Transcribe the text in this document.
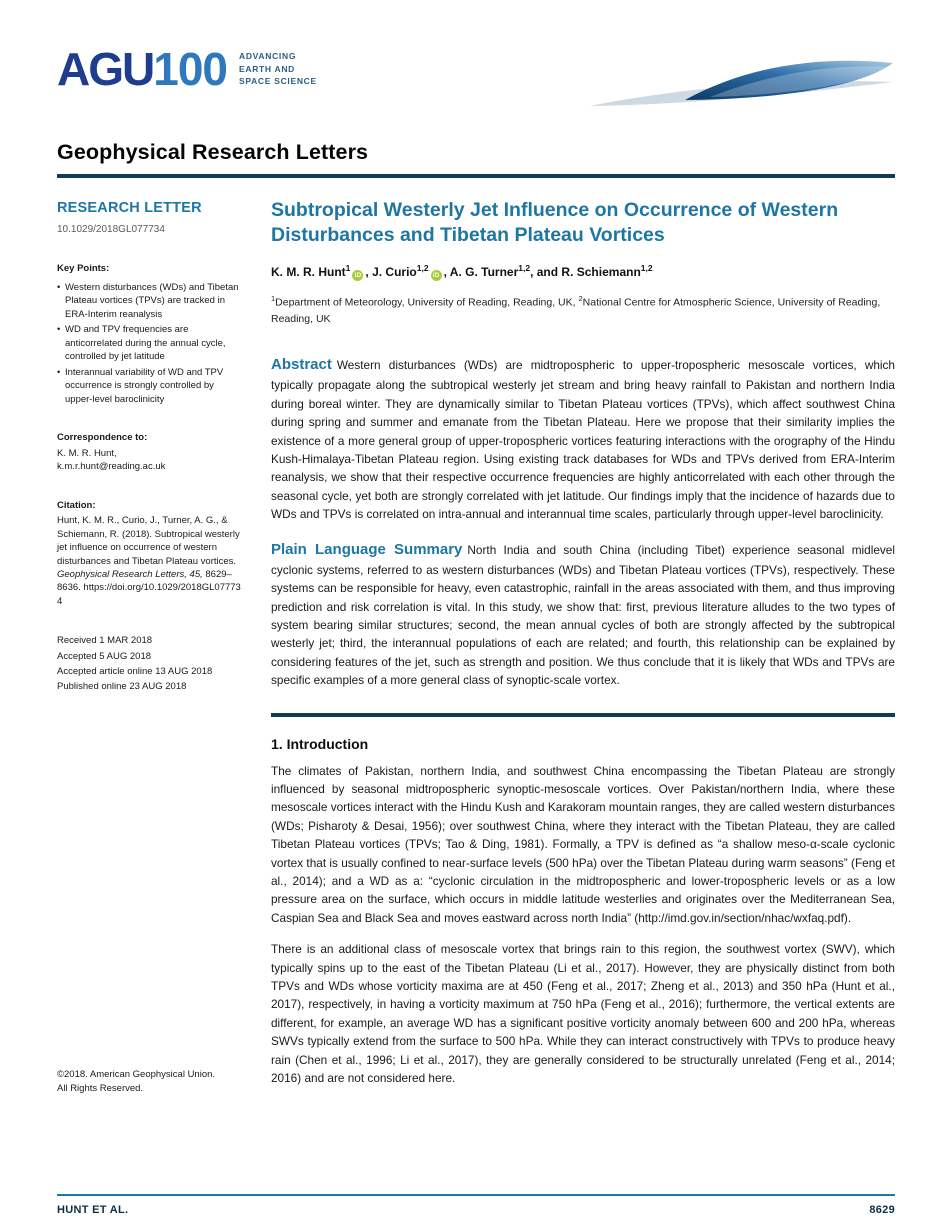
AGU100 ADVANCING
EARTH AND
SPACE SCIENCE
Geophysical Research Letters
RESEARCH LETTER
10.1029/2018GL077734
Key Points:
• Western disturbances (WDs) and Tibetan Plateau vortices (TPVs) are tracked in ERA-Interim reanalysis
• WD and TPV frequencies are anticorrelated during the annual cycle, controlled by jet latitude
• Interannual variability of WD and TPV occurrence is strongly controlled by upper-level baroclinicity
Correspondence to:
K. M. R. Hunt,
k.m.r.hunt@reading.ac.uk
Citation:
Hunt, K. M. R., Curio, J., Turner, A. G., & Schiemann, R. (2018). Subtropical westerly jet influence on occurrence of western disturbances and Tibetan Plateau vortices. Geophysical Research Letters, 45, 8629–8636. https://doi.org/10.1029/2018GL077734
Received 1 MAR 2018
Accepted 5 AUG 2018
Accepted article online 13 AUG 2018
Published online 23 AUG 2018
©2018. American Geophysical Union.
All Rights Reserved.
Subtropical Westerly Jet Influence on Occurrence of Western Disturbances and Tibetan Plateau Vortices
K. M. R. Hunt$^1$iD , J. Curio$^{1,2}$iD , A. G. Turner$^{1,2}$, and R. Schiemann$^{1,2}$
$^1$Department of Meteorology, University of Reading, Reading, UK, $^2$National Centre for Atmospheric Science, University of Reading, Reading, UK

Abstract Western disturbances (WDs) are midtropospheric to upper-tropospheric mesoscale vortices, which typically propagate along the subtropical westerly jet stream and bring heavy rainfall to Pakistan and northern India during boreal winter. They are dynamically similar to Tibetan Plateau vortices (TPVs), which affect southwest China during spring and summer and emanate from the Tibetan Plateau. Here we propose that their similarity implies the existence of a more general group of upper-tropospheric vortices featuring interactions with the orography of the Hindu Kush-Himalaya-Tibetan Plateau region. Using existing track databases for WDs and TPVs derived from ERA-Interim reanalysis, we show that their respective occurrence frequencies are highly anticorrelated with each other through the seasonal cycle, yet both are strongly correlated with jet latitude. Our findings imply that the incidence of hazards due to WDs and TPVs is correlated on intra-annual and interannual time scales, particularly through upper-level baroclinicity.

Plain Language Summary North India and south China (including Tibet) experience seasonal midlevel cyclonic systems, referred to as western disturbances (WDs) and Tibetan Plateau vortices (TPVs), respectively. These systems can be responsible for heavy, even catastrophic, rainfall in the areas associated with them, and thus improving prediction and risk correlation is vital. In this study, we show that: first, previous literature alludes to the two types of system bearing similar structures; second, the mean annual cycles of both are strongly affected by the subtropical westerly jet; third, the interannual populations of each are related; and fourth, this relationship can be explained by considering features of the jet, such as strength and position. We thus conclude that it is likely that WDs and TPVs are specific examples of a more general class of synoptic-scale vortex.

1. Introduction

The climates of Pakistan, northern India, and southwest China encompassing the Tibetan Plateau are strongly influenced by seasonal midtropospheric synoptic-mesoscale vortices. Over Pakistan/northern India, where these mesoscale vortices interact with the Hindu Kush and Karakoram mountain ranges, they are called western disturbances (WDs; Pisharoty & Desai, 1956); over southwest China, where they interact with the Tibetan Plateau, they are called Tibetan Plateau vortices (TPVs; Tao & Ding, 1981). Formally, a TPV is defined as “a shallow meso-α-scale cyclonic vortex that is usually confined to near-surface levels (500 hPa) over the Tibetan Plateau during warm seasons” (Feng et al., 2014); and a WD as a: “cyclonic circulation in the midtropospheric and lower-tropospheric levels or as a low pressure area on the surface, which occurs in middle latitude westerlies and originates over the Mediterranean Sea, Caspian Sea and Black Sea and moves eastward across north India” (http://imd.gov.in/section/nhac/wxfaq.pdf).

There is an additional class of mesoscale vortex that brings rain to this region, the southwest vortex (SWV), which typically spins up to the east of the Tibetan Plateau (Li et al., 2017). However, they are physically distinct from both TPVs and WDs whose vorticity maxima are at 450 (Feng et al., 2017; Zheng et al., 2013) and 350 hPa (Hunt et al., 2017), respectively, in having a vorticity maximum at 750 hPa (Feng et al., 2016); furthermore, the vertical extents are different, for example, an average WD has a significant positive vorticity anomaly between 600 and 200 hPa, whereas SWVs typically extend from the surface to 500 hPa. While they can interact constructively with TPVs to produce heavy rain (Chen et al., 1996; Li et al., 2017), they are generally considered to be structurally unrelated (Feng et al., 2014; 2016) and are not considered here.

HUNT ET AL.	8629
